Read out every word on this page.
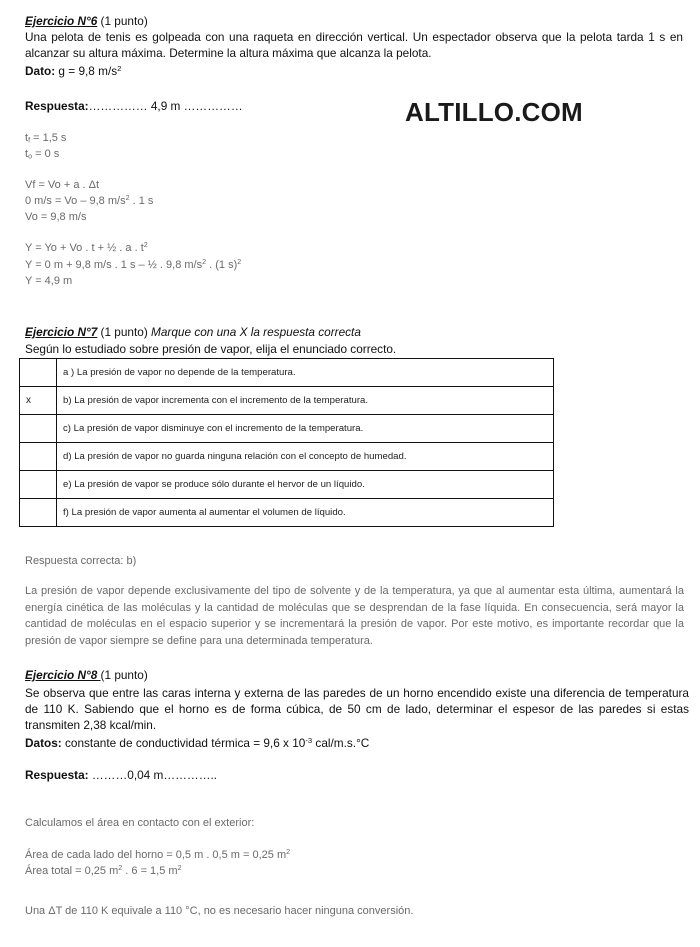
Ejercicio N°6 (1 punto)
Una pelota de tenis es golpeada con una raqueta en dirección vertical. Un espectador observa que la pelota tarda 1 s en alcanzar su altura máxima. Determine la altura máxima que alcanza la pelota.
Dato: g = 9,8 $m/s^2$
Respuesta:…………… 4,9 m ……………	ALTILLO.COM
$t_f = 1,5$ s
$t_o = 0$ s
Vf = Vo + a . Δt
0 m/s = Vo – 9,8 $m/s^2$ . 1 s
Vo = 9,8 m/s
Y = Yo + Vo . t + ½ . a . $t^2$
Y = 0 m + 9,8 m/s . 1 s – ½ . 9,8 $m/s^2$ . (1 s)$^2$
Y = 4,9 m
Ejercicio N°7 (1 punto) Marque con una X la respuesta correcta
Según lo estudiado sobre presión de vapor, elija el enunciado correcto.
	a ) La presión de vapor no depende de la temperatura.
x	b) La presión de vapor incrementa con el incremento de la temperatura.
	c) La presión de vapor disminuye con el incremento de la temperatura.
	d) La presión de vapor no guarda ninguna relación con el concepto de humedad.
	e) La presión de vapor se produce sólo durante el hervor de un líquido.
	f) La presión de vapor aumenta al aumentar el volumen de líquido.
Respuesta correcta: b)
La presión de vapor depende exclusivamente del tipo de solvente y de la temperatura, ya que al aumentar esta última, aumentará la energía cinética de las moléculas y la cantidad de moléculas que se desprendan de la fase líquida. En consecuencia, será mayor la cantidad de moléculas en el espacio superior y se incrementará la presión de vapor. Por este motivo, es importante recordar que la presión de vapor siempre se define para una determinada temperatura.
Ejercicio N°8 (1 punto)
Se observa que entre las caras interna y externa de las paredes de un horno encendido existe una diferencia de temperatura de 110 K. Sabiendo que el horno es de forma cúbica, de 50 cm de lado, determinar el espesor de las paredes si estas transmiten 2,38 kcal/min.
Datos: constante de conductividad térmica = 9,6 x $10^{-3}$ cal/m.s.°C
Respuesta: ………0,04 m…………..
Calculamos el área en contacto con el exterior:
Área de cada lado del horno = 0,5 m . 0,5 m = 0,25 $m^2$
Área total = 0,25 $m^2$ . 6 = 1,5 $m^2$
Una ΔT de 110 K equivale a 110 °C, no es necesario hacer ninguna conversión.
